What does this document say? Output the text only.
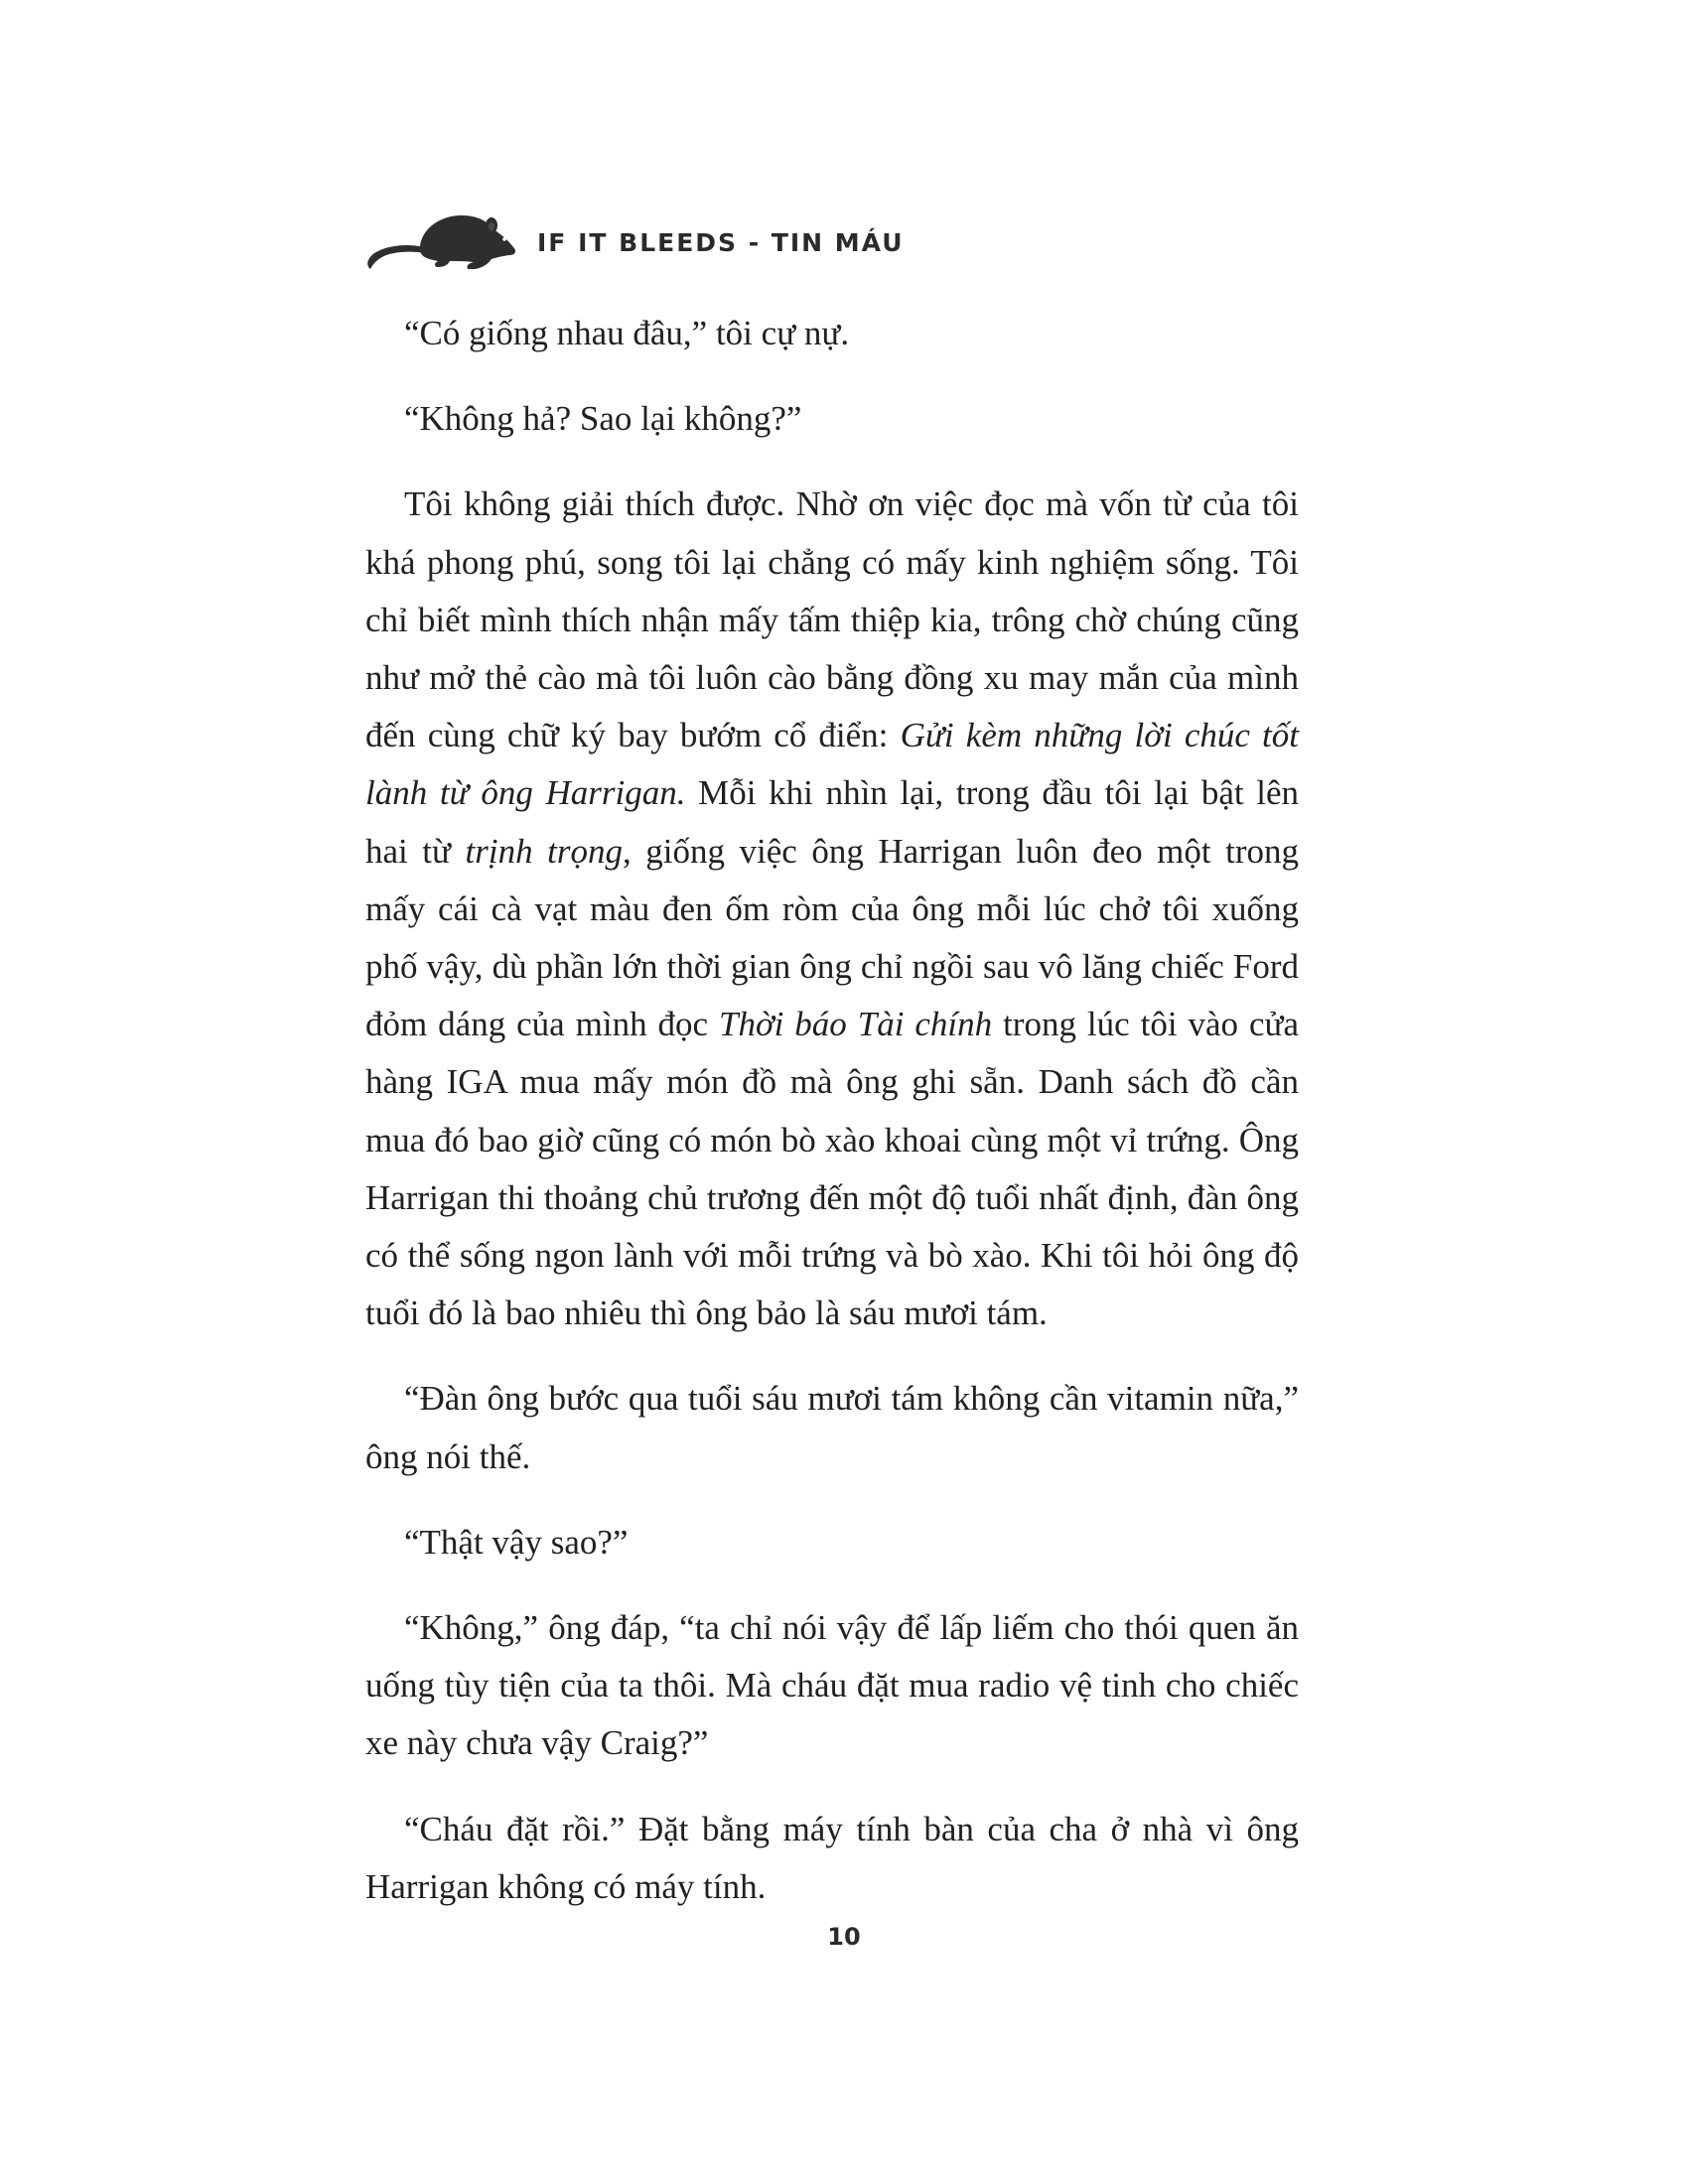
IF IT BLEEDS - TIN MÁU

“Có giống nhau đâu,” tôi cự nự.

“Không hả? Sao lại không?”

Tôi không giải thích được. Nhờ ơn việc đọc mà vốn từ của tôi khá phong phú, song tôi lại chẳng có mấy kinh nghiệm sống. Tôi chỉ biết mình thích nhận mấy tấm thiệp kia, trông chờ chúng cũng như mở thẻ cào mà tôi luôn cào bằng đồng xu may mắn của mình đến cùng chữ ký bay bướm cổ điển: Gửi kèm những lời chúc tốt lành từ ông Harrigan. Mỗi khi nhìn lại, trong đầu tôi lại bật lên hai từ trịnh trọng, giống việc ông Harrigan luôn đeo một trong mấy cái cà vạt màu đen ốm ròm của ông mỗi lúc chở tôi xuống phố vậy, dù phần lớn thời gian ông chỉ ngồi sau vô lăng chiếc Ford đỏm dáng của mình đọc Thời báo Tài chính trong lúc tôi vào cửa hàng IGA mua mấy món đồ mà ông ghi sẵn. Danh sách đồ cần mua đó bao giờ cũng có món bò xào khoai cùng một vỉ trứng. Ông Harrigan thi thoảng chủ trương đến một độ tuổi nhất định, đàn ông có thể sống ngon lành với mỗi trứng và bò xào. Khi tôi hỏi ông độ tuổi đó là bao nhiêu thì ông bảo là sáu mươi tám.

“Đàn ông bước qua tuổi sáu mươi tám không cần vitamin nữa,” ông nói thế.

“Thật vậy sao?”

“Không,” ông đáp, “ta chỉ nói vậy để lấp liếm cho thói quen ăn uống tùy tiện của ta thôi. Mà cháu đặt mua radio vệ tinh cho chiếc xe này chưa vậy Craig?”

“Cháu đặt rồi.” Đặt bằng máy tính bàn của cha ở nhà vì ông Harrigan không có máy tính.

10
